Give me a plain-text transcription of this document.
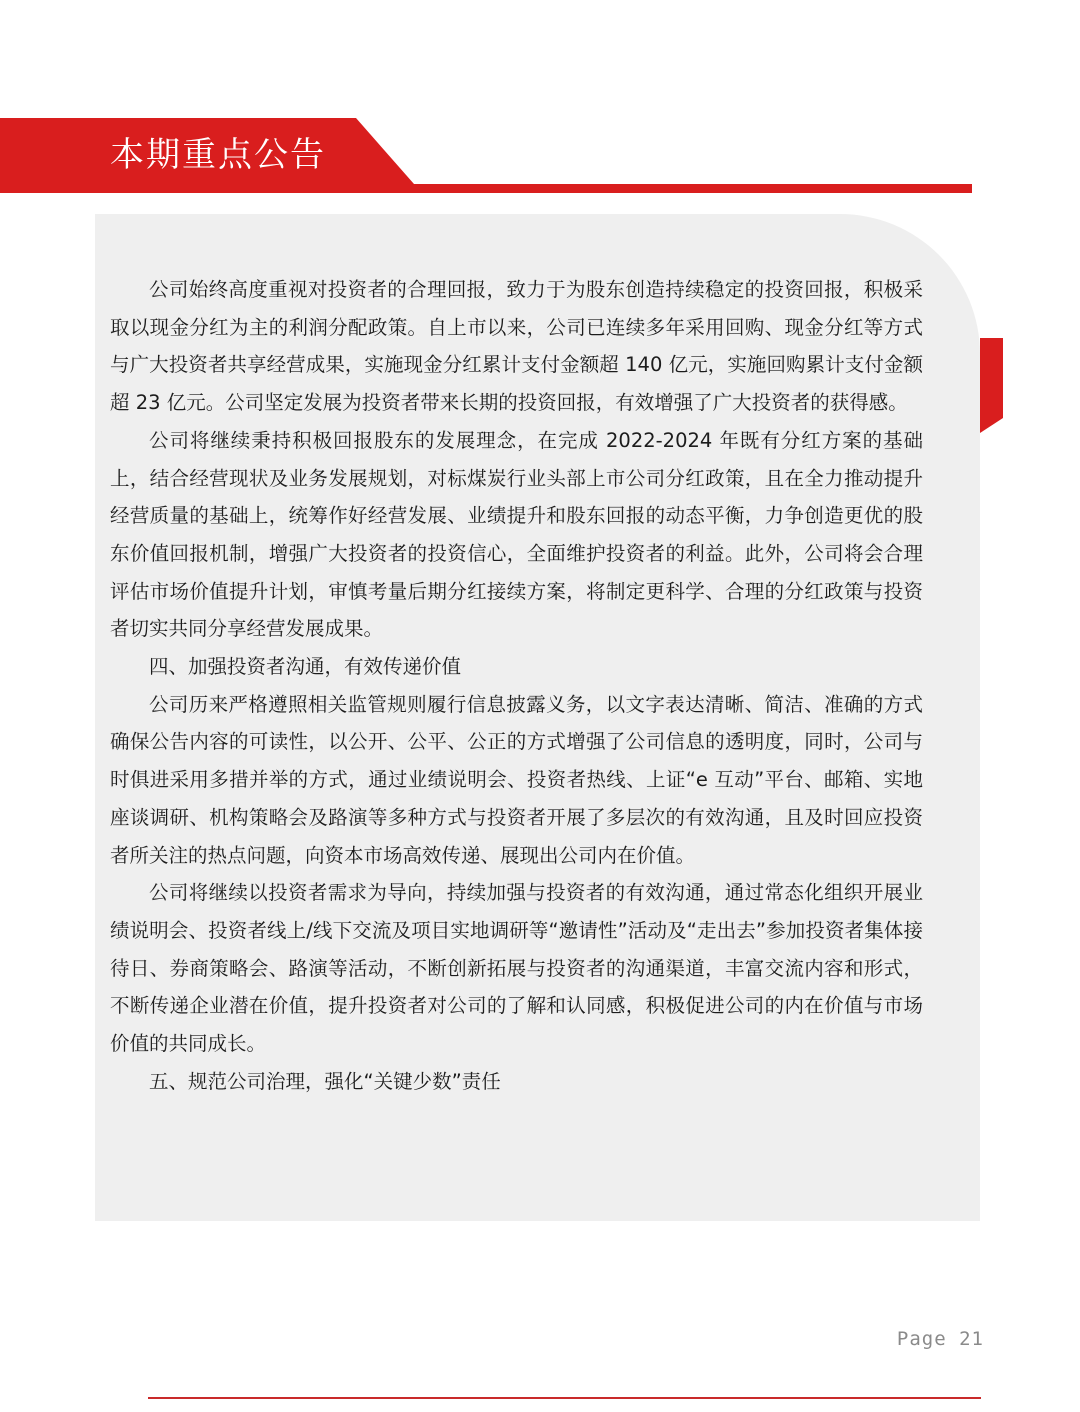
本期重点公告

公司始终高度重视对投资者的合理回报，致力于为股东创造持续稳定的投资回报，积极采取以现金分红为主的利润分配政策。自上市以来，公司已连续多年采用回购、现金分红等方式与广大投资者共享经营成果，实施现金分红累计支付金额超 140 亿元，实施回购累计支付金额超 23 亿元。公司坚定发展为投资者带来长期的投资回报，有效增强了广大投资者的获得感。

公司将继续秉持积极回报股东的发展理念，在完成 2022-2024 年既有分红方案的基础上，结合经营现状及业务发展规划，对标煤炭行业头部上市公司分红政策，且在全力推动提升经营质量的基础上，统筹作好经营发展、业绩提升和股东回报的动态平衡，力争创造更优的股东价值回报机制，增强广大投资者的投资信心，全面维护投资者的利益。此外，公司将会合理评估市场价值提升计划，审慎考量后期分红接续方案，将制定更科学、合理的分红政策与投资者切实共同分享经营发展成果。

四、加强投资者沟通，有效传递价值

公司历来严格遵照相关监管规则履行信息披露义务，以文字表达清晰、简洁、准确的方式确保公告内容的可读性，以公开、公平、公正的方式增强了公司信息的透明度，同时，公司与时俱进采用多措并举的方式，通过业绩说明会、投资者热线、上证“e 互动”平台、邮箱、实地座谈调研、机构策略会及路演等多种方式与投资者开展了多层次的有效沟通，且及时回应投资者所关注的热点问题，向资本市场高效传递、展现出公司内在价值。

公司将继续以投资者需求为导向，持续加强与投资者的有效沟通，通过常态化组织开展业绩说明会、投资者线上/线下交流及项目实地调研等“邀请性”活动及“走出去”参加投资者集体接待日、券商策略会、路演等活动，不断创新拓展与投资者的沟通渠道，丰富交流内容和形式，不断传递企业潜在价值，提升投资者对公司的了解和认同感，积极促进公司的内在价值与市场价值的共同成长。

五、规范公司治理，强化“关键少数”责任

Page 21
